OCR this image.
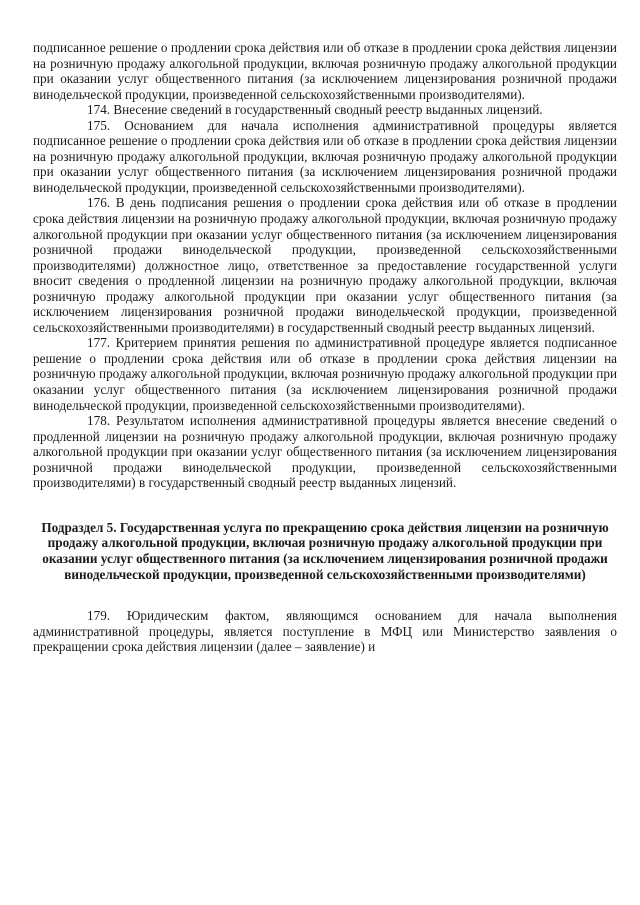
подписанное решение о продлении срока действия или об отказе в продлении срока действия лицензии на розничную продажу алкогольной продукции, включая розничную продажу алкогольной продукции при оказании услуг общественного питания (за исключением лицензирования розничной продажи винодельческой продукции, произведенной сельскохозяйственными производителями).

174. Внесение сведений в государственный сводный реестр выданных лицензий.

175. Основанием для начала исполнения административной процедуры является подписанное решение о продлении срока действия или об отказе в продлении срока действия лицензии на розничную продажу алкогольной продукции, включая розничную продажу алкогольной продукции при оказании услуг общественного питания (за исключением лицензирования розничной продажи винодельческой продукции, произведенной сельскохозяйственными производителями).

176. В день подписания решения о продлении срока действия или об отказе в продлении срока действия лицензии на розничную продажу алкогольной продукции, включая розничную продажу алкогольной продукции при оказании услуг общественного питания (за исключением лицензирования розничной продажи винодельческой продукции, произведенной сельскохозяйственными производителями) должностное лицо, ответственное за предоставление государственной услуги вносит сведения о продленной лицензии на розничную продажу алкогольной продукции, включая розничную продажу алкогольной продукции при оказании услуг общественного питания (за исключением лицензирования розничной продажи винодельческой продукции, произведенной сельскохозяйственными производителями) в государственный сводный реестр выданных лицензий.

177. Критерием принятия решения по административной процедуре является подписанное решение о продлении срока действия или об отказе в продлении срока действия лицензии на розничную продажу алкогольной продукции, включая розничную продажу алкогольной продукции при оказании услуг общественного питания (за исключением лицензирования розничной продажи винодельческой продукции, произведенной сельскохозяйственными производителями).

178. Результатом исполнения административной процедуры является внесение сведений о продленной лицензии на розничную продажу алкогольной продукции, включая розничную продажу алкогольной продукции при оказании услуг общественного питания (за исключением лицензирования розничной продажи винодельческой продукции, произведенной сельскохозяйственными производителями) в государственный сводный реестр выданных лицензий.

Подраздел 5. Государственная услуга по прекращению срока действия лицензии на розничную продажу алкогольной продукции, включая розничную продажу алкогольной продукции при оказании услуг общественного питания (за исключением лицензирования розничной продажи винодельческой продукции, произведенной сельскохозяйственными производителями)

179. Юридическим фактом, являющимся основанием для начала выполнения административной процедуры, является поступление в МФЦ или Министерство заявления о прекращении срока действия лицензии (далее – заявление) и
